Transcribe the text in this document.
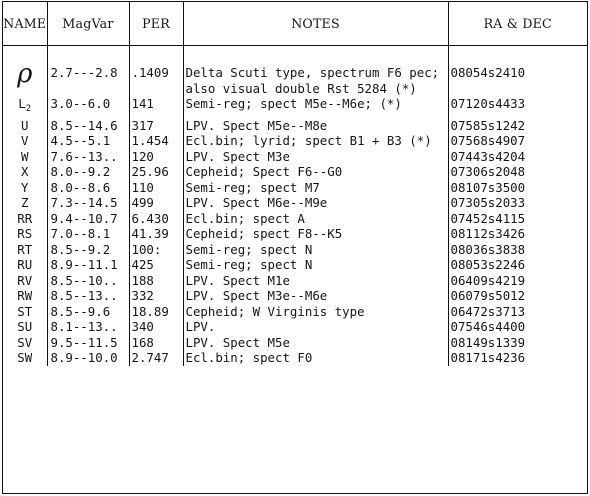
NAME	MagVar	PER	NOTES	RA & DEC
ρ	2.7---2.8	.1409	Delta Scuti type, spectrum F6 pec; also visual double Rst 5284 (*)	08054s2410
$L_2$	3.0--6.0	141	Semi-reg; spect M5e--M6e; (*)	07120s4433
U	8.5--14.6	317	LPV. Spect M5e--M8e	07585s1242
V	4.5--5.1	1.454	Ecl.bin; lyrid; spect B1 + B3 (*)	07568s4907
W	7.6--13..	120	LPV. Spect M3e	07443s4204
X	8.0--9.2	25.96	Cepheid; Spect F6--G0	07306s2048
Y	8.0--8.6	110	Semi-reg; spect M7	08107s3500
Z	7.3--14.5	499	LPV. Spect M6e--M9e	07305s2033
RR	9.4--10.7	6.430	Ecl.bin; spect A	07452s4115
RS	7.0--8.1	41.39	Cepheid; spect F8--K5	08112s3426
RT	8.5--9.2	100:	Semi-reg; spect N	08036s3838
RU	8.9--11.1	425	Semi-reg; spect N	08053s2246
RV	8.5--10..	188	LPV. Spect M1e	06409s4219
RW	8.5--13..	332	LPV. Spect M3e--M6e	06079s5012
ST	8.5--9.6	18.89	Cepheid; W Virginis type	06472s3713
SU	8.1--13..	340	LPV.	07546s4400
SV	9.5--11.5	168	LPV. Spect M5e	08149s1339
SW	8.9--10.0	2.747	Ecl.bin; spect F0	08171s4236
